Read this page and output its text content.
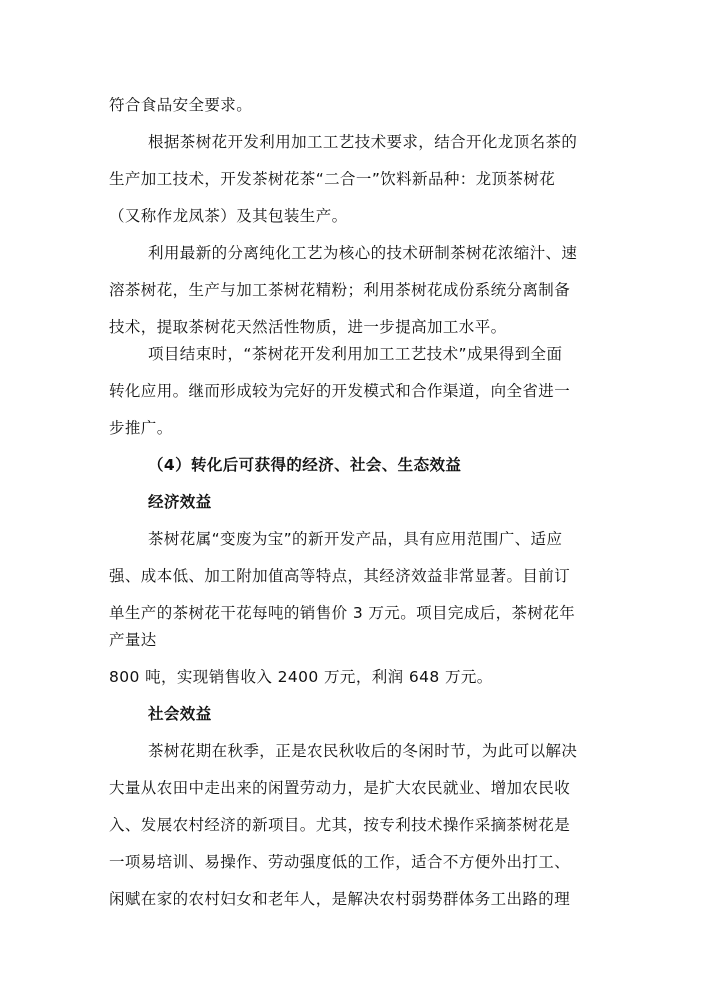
符合食品安全要求。
根据茶树花开发利用加工工艺技术要求，结合开化龙顶名茶的
生产加工技术，开发茶树花茶“二合一”饮料新品种：龙顶茶树花
（又称作龙凤茶）及其包装生产。
利用最新的分离纯化工艺为核心的技术研制茶树花浓缩汁、速
溶茶树花，生产与加工茶树花精粉；利用茶树花成份系统分离制备
技术，提取茶树花天然活性物质，进一步提高加工水平。
项目结束时，“茶树花开发利用加工工艺技术”成果得到全面
转化应用。继而形成较为完好的开发模式和合作渠道，向全省进一
步推广。
（4）转化后可获得的经济、社会、生态效益
经济效益
茶树花属“变废为宝”的新开发产品，具有应用范围广、适应
强、成本低、加工附加值高等特点，其经济效益非常显著。目前订
单生产的茶树花干花每吨的销售价 3 万元。项目完成后，茶树花年
产量达
800 吨，实现销售收入 2400 万元，利润 648 万元。
社会效益
茶树花期在秋季，正是农民秋收后的冬闲时节，为此可以解决
大量从农田中走出来的闲置劳动力，是扩大农民就业、增加农民收
入、发展农村经济的新项目。尤其，按专利技术操作采摘茶树花是
一项易培训、易操作、劳动强度低的工作，适合不方便外出打工、
闲赋在家的农村妇女和老年人，是解决农村弱势群体务工出路的理
